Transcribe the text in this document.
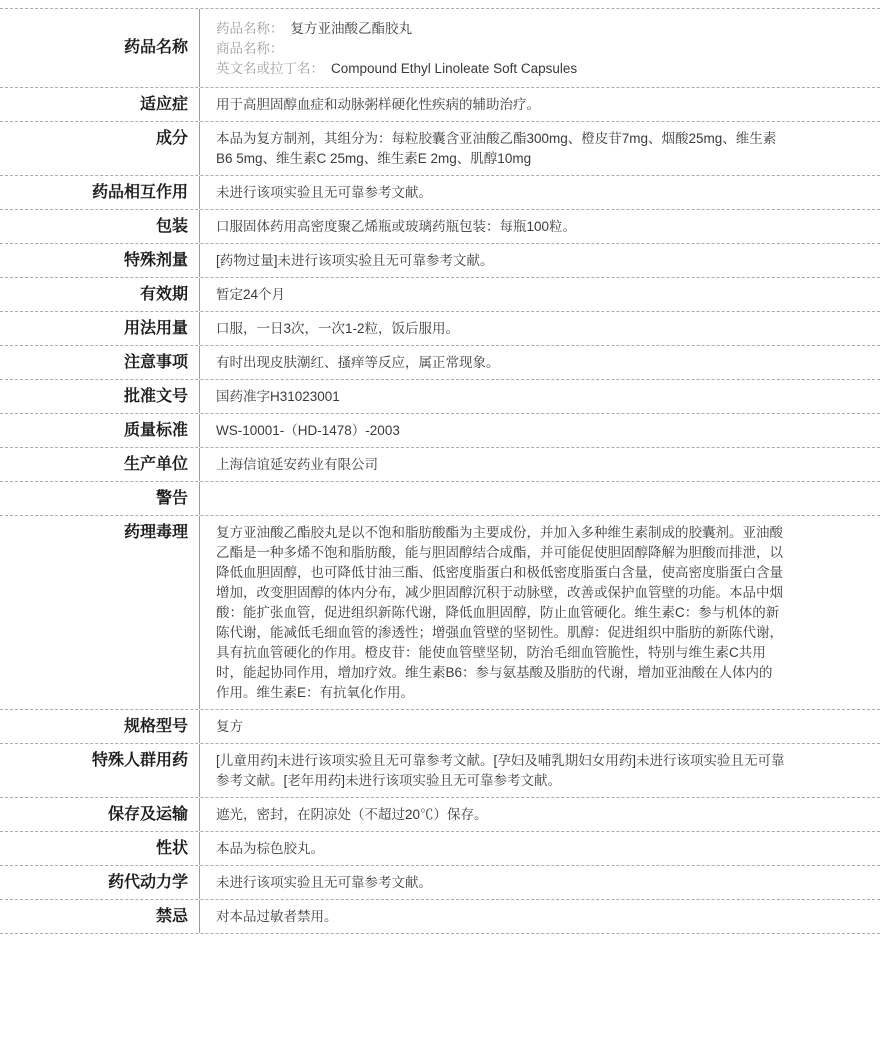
药品名称
药品名称： 复方亚油酸乙酯胶丸
商品名称：
英文名或拉丁名： Compound Ethyl Linoleate Soft Capsules
适应症	用于高胆固醇血症和动脉粥样硬化性疾病的辅助治疗。
成分	本品为复方制剂，其组分为：每粒胶囊含亚油酸乙酯300mg、橙皮苷7mg、烟酸25mg、维生素B6 5mg、维生素C 25mg、维生素E 2mg、肌醇10mg
药品相互作用	未进行该项实验且无可靠参考文献。
包装	口服固体药用高密度聚乙烯瓶或玻璃药瓶包装：每瓶100粒。
特殊剂量	[药物过量]未进行该项实验且无可靠参考文献。
有效期	暂定24个月
用法用量	口服，一日3次，一次1-2粒，饭后服用。
注意事项	有时出现皮肤潮红、搔痒等反应，属正常现象。
批准文号	国药准字H31023001
质量标准	WS-10001-（HD-1478）-2003
生产单位	上海信谊延安药业有限公司
警告
药理毒理	复方亚油酸乙酯胶丸是以不饱和脂肪酸酯为主要成份，并加入多种维生素制成的胶囊剂。亚油酸乙酯是一种多烯不饱和脂肪酸，能与胆固醇结合成酯，并可能促使胆固醇降解为胆酸而排泄，以降低血胆固醇，也可降低甘油三酯、低密度脂蛋白和极低密度脂蛋白含量，使高密度脂蛋白含量增加，改变胆固醇的体内分布，减少胆固醇沉积于动脉壁，改善或保护血管壁的功能。本品中烟酸：能扩张血管，促进组织新陈代谢，降低血胆固醇，防止血管硬化。维生素C：参与机体的新陈代谢，能减低毛细血管的渗透性；增强血管壁的坚韧性。肌醇：促进组织中脂肪的新陈代谢，具有抗血管硬化的作用。橙皮苷：能使血管壁坚韧，防治毛细血管脆性，特别与维生素C共用时，能起协同作用，增加疗效。维生素B6：参与氨基酸及脂肪的代谢，增加亚油酸在人体内的作用。维生素E：有抗氧化作用。
规格型号	复方
特殊人群用药	[儿童用药]未进行该项实验且无可靠参考文献。[孕妇及哺乳期妇女用药]未进行该项实验且无可靠参考文献。[老年用药]未进行该项实验且无可靠参考文献。
保存及运输	遮光，密封，在阴凉处（不超过20℃）保存。
性状	本品为棕色胶丸。
药代动力学	未进行该项实验且无可靠参考文献。
禁忌	对本品过敏者禁用。
